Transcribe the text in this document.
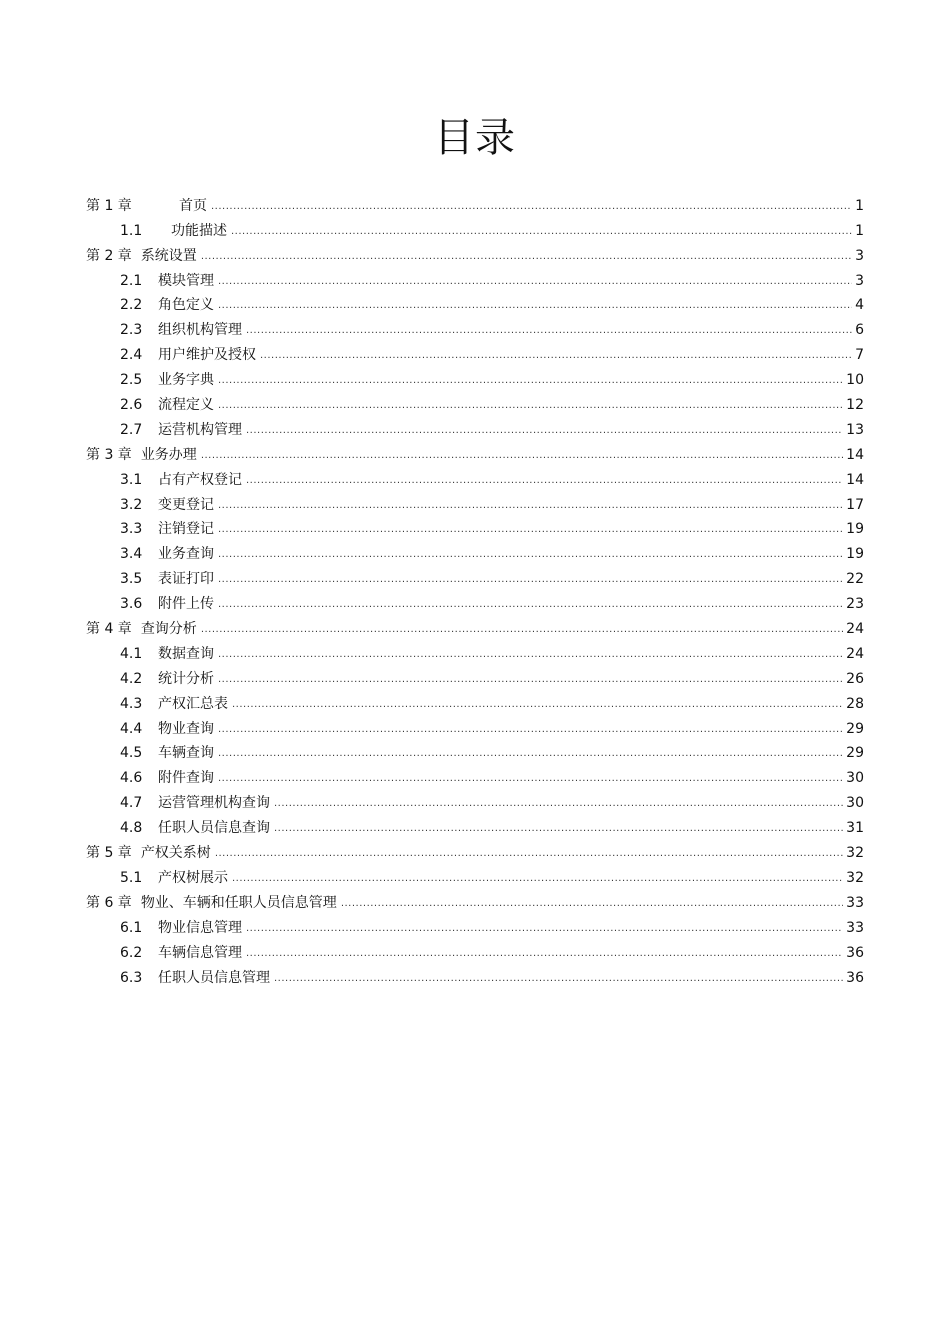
目录
第 1 章	首页 .....	1
1.1	功能描述 .....	1
第 2 章 系统设置 .....	3
2.1	模块管理 .....	3
2.2	角色定义 .....	4
2.3	组织机构管理 .....	6
2.4	用户维护及授权 .....	7
2.5	业务字典 .....	10
2.6	流程定义 .....	12
2.7	运营机构管理 .....	13
第 3 章 业务办理 .....	14
3.1	占有产权登记 .....	14
3.2	变更登记 .....	17
3.3	注销登记 .....	19
3.4	业务查询 .....	19
3.5	表证打印 .....	22
3.6	附件上传 .....	23
第 4 章 查询分析 .....	24
4.1	数据查询 .....	24
4.2	统计分析 .....	26
4.3	产权汇总表 .....	28
4.4	物业查询 .....	29
4.5	车辆查询 .....	29
4.6	附件查询 .....	30
4.7	运营管理机构查询 .....	30
4.8	任职人员信息查询 .....	31
第 5 章 产权关系树 .....	32
5.1	产权树展示 .....	32
第 6 章 物业、车辆和任职人员信息管理 .....	33
6.1	物业信息管理 .....	33
6.2	车辆信息管理 .....	36
6.3	任职人员信息管理 .....	36
